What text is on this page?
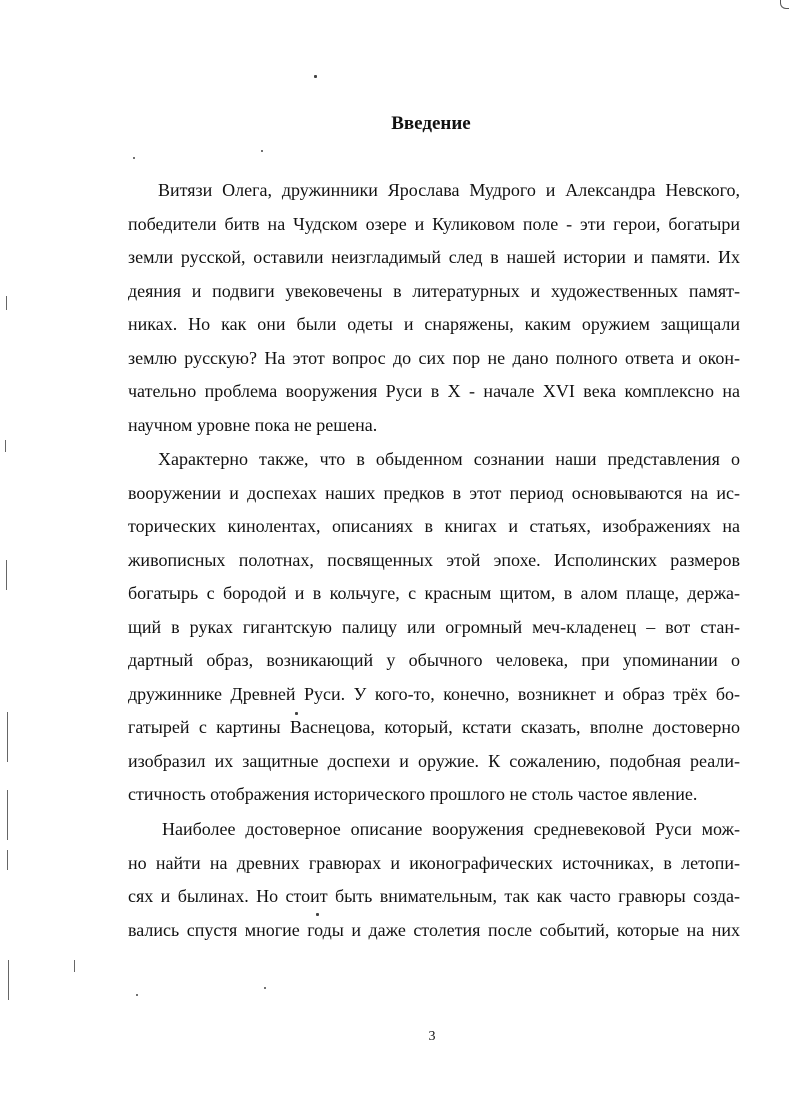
Введение

Витязи Олега, дружинники Ярослава Мудрого и Александра Невского,

победители битв на Чудском озере и Куликовом поле - эти герои, богатыри

земли русской, оставили неизгладимый след в нашей истории и памяти. Их

деяния и подвиги увековечены в литературных и художественных памят-

никах. Но как они были одеты и снаряжены, каким оружием защищали

землю русскую? На этот вопрос до сих пор не дано полного ответа и окон-

чательно проблема вооружения Руси в X - начале XVI века комплексно на

научном уровне пока не решена.

Характерно также, что в обыденном сознании наши представления о

вооружении и доспехах наших предков в этот период основываются на ис-

торических кинолентах, описаниях в книгах и статьях, изображениях на

живописных полотнах, посвященных этой эпохе. Исполинских размеров

богатырь с бородой и в кольчуге, с красным щитом, в алом плаще, держа-

щий в руках гигантскую палицу или огромный меч-кладенец – вот стан-

дартный образ, возникающий у обычного человека, при упоминании о

дружиннике Древней Руси. У кого-то, конечно, возникнет и образ трёх бо-

гатырей с картины Васнецова, который, кстати сказать, вполне достоверно

изобразил их защитные доспехи и оружие. К сожалению, подобная реали-

стичность отображения исторического прошлого не столь частое явление.

Наиболее достоверное описание вооружения средневековой Руси мож-

но найти на древних гравюрах и иконографических источниках, в летопи-

сях и былинах. Но стоит быть внимательным, так как часто гравюры созда-

вались спустя многие годы и даже столетия после событий, которые на них

3
